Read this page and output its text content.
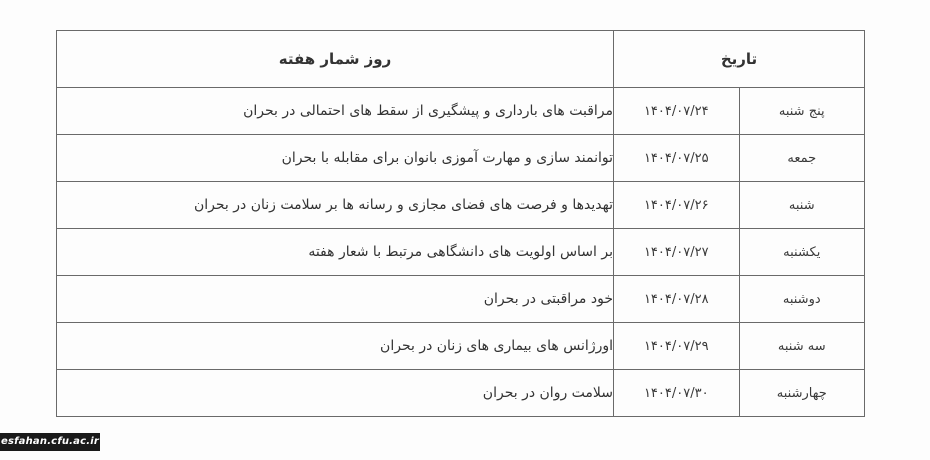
تاریخ		روز شمار هفته
پنج شنبه	۱۴۰۴/۰۷/۲۴	مراقبت های بارداری و پیشگیری از سقط های احتمالی در بحران
جمعه	۱۴۰۴/۰۷/۲۵	توانمند سازی و مهارت آموزی بانوان برای مقابله با بحران
شنبه	۱۴۰۴/۰۷/۲۶	تهدیدها و فرصت های فضای مجازی و رسانه ها بر سلامت زنان در بحران
یکشنبه	۱۴۰۴/۰۷/۲۷	بر اساس اولویت های دانشگاهی مرتبط با شعار هفته
دوشنبه	۱۴۰۴/۰۷/۲۸	خود مراقبتی در بحران
سه شنبه	۱۴۰۴/۰۷/۲۹	اورژانس های بیماری های زنان در بحران
چهارشنبه	۱۴۰۴/۰۷/۳۰	سلامت روان در بحران
esfahan.cfu.ac.ir
